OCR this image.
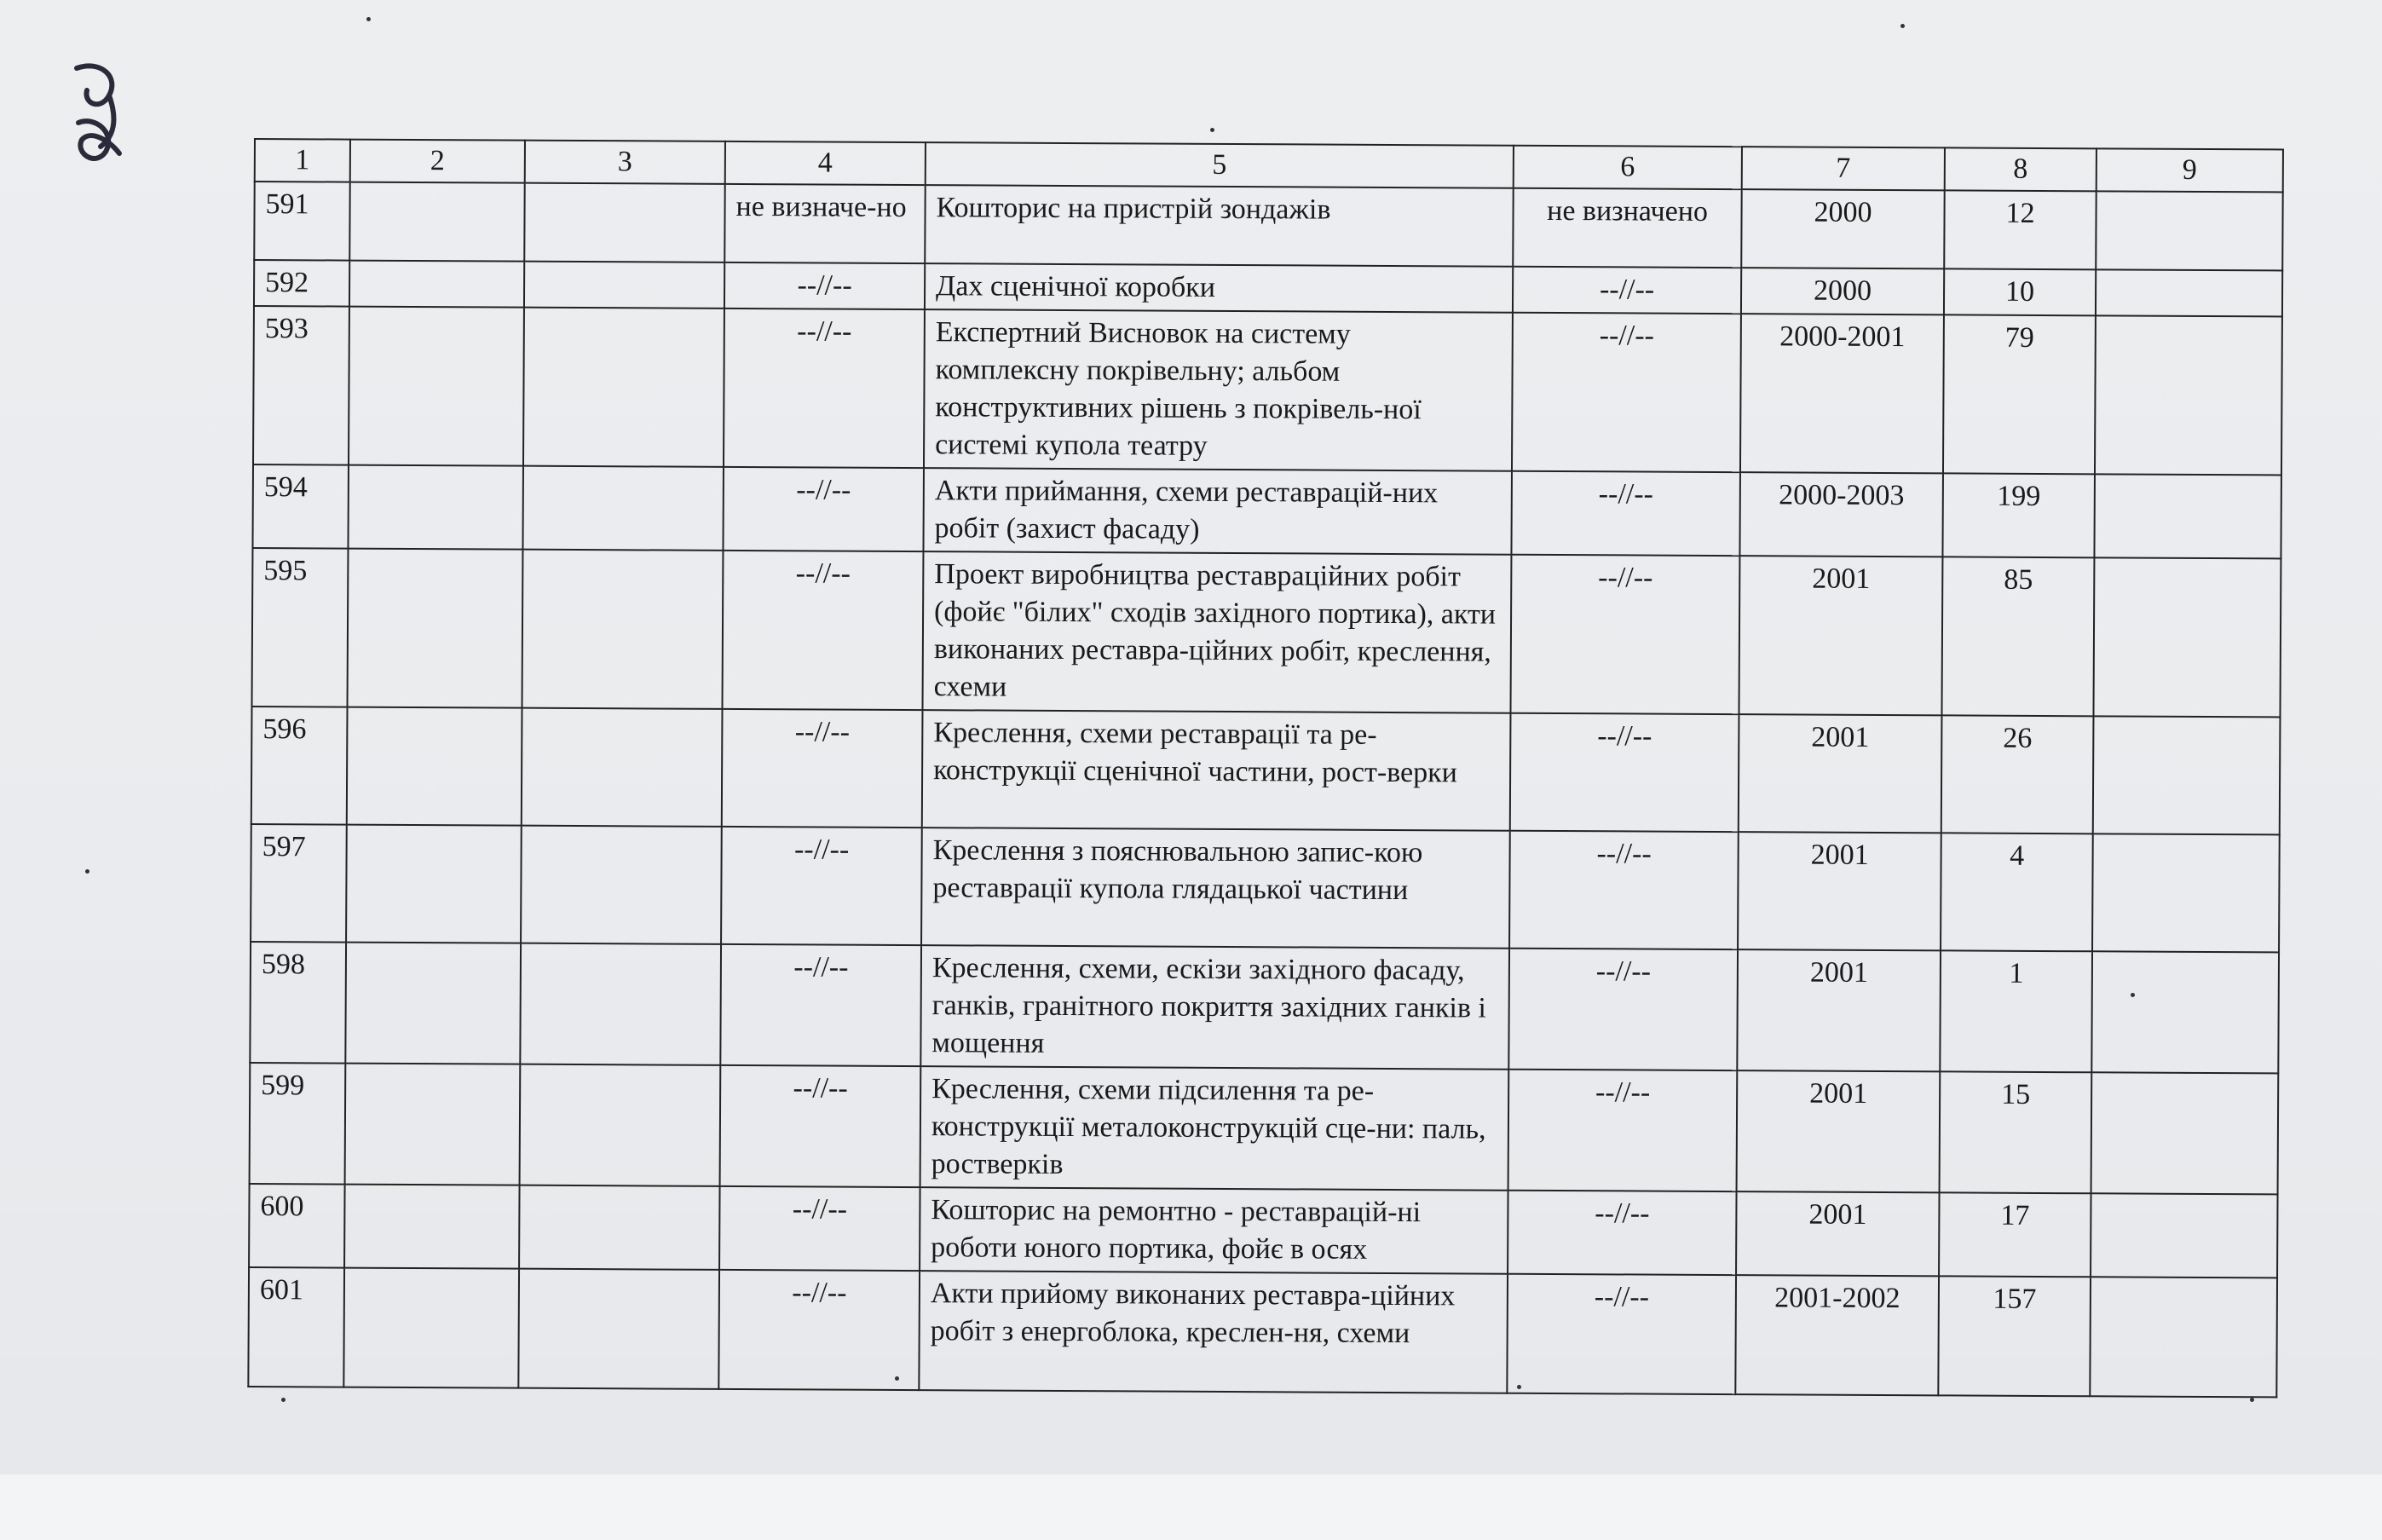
1	2	3	4	5	6	7	8	9
591			не визначе-но	Кошторис на пристрій зондажів	не визначено	2000	12	
592			--//--	Дах сценічної коробки	--//--	2000	10	
593			--//--	Експертний Висновок на систему комплексну покрівельну; альбом конструктивних рішень з покрівель-ної системі купола театру	--//--	2000-2001	79	
594			--//--	Акти приймання, схеми реставрацій-них робіт (захист фасаду)	--//--	2000-2003	199	
595			--//--	Проект виробництва реставраційних робіт (фойє "білих" сходів західного портика), акти виконаних реставра-ційних робіт, креслення, схеми	--//--	2001	85	
596			--//--	Креслення, схеми реставрації та ре-конструкції сценічної частини, рост-верки	--//--	2001	26	
597			--//--	Креслення з пояснювальною запис-кою реставрації купола глядацької частини	--//--	2001	4	
598			--//--	Креслення, схеми, ескізи західного фасаду, ганків, гранітного покриття західних ганків і мощення	--//--	2001	1	
599			--//--	Креслення, схеми підсилення та ре-конструкції металоконструкцій сце-ни: паль, ростверків	--//--	2001	15	
600			--//--	Кошторис на ремонтно - реставрацій-ні роботи юного портика, фойє в осях	--//--	2001	17	
601			--//--	Акти прийому виконаних реставра-ційних робіт з енергоблока, креслен-ня, схеми	--//--	2001-2002	157	
